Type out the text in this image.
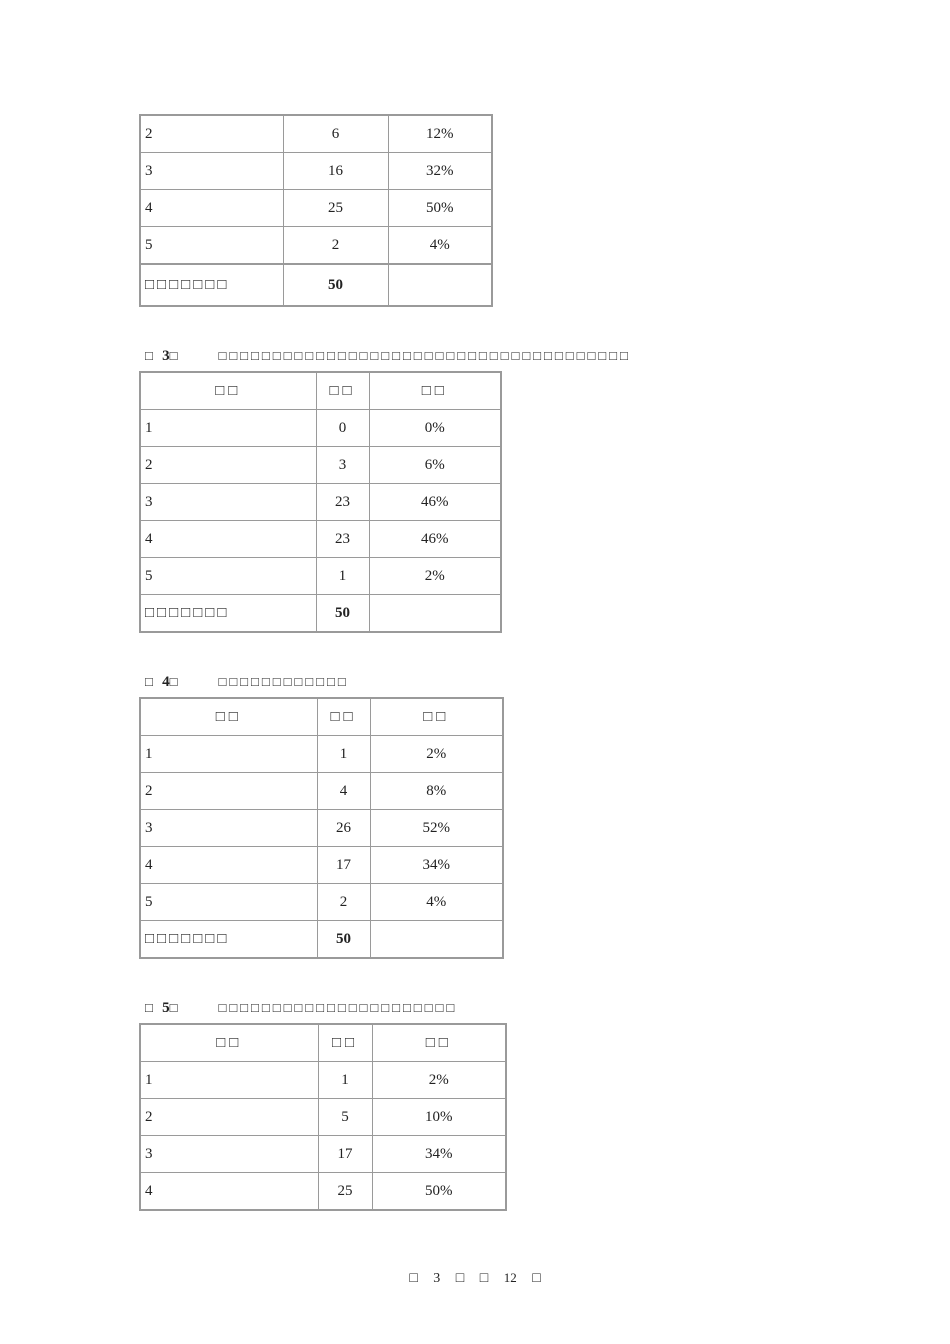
2	6	12%
3	16	32%
4	25	50%
5	2	4%
□□□□□□□	50	
□ 3□	□□□□□□□□□□□□□□□□□□□□□□□□□□□□□□□□□□□□□□
□□	□□	□□
1	0	0%
2	3	6%
3	23	46%
4	23	46%
5	1	2%
□□□□□□□	50	
□ 4□	□□□□□□□□□□□□
□□	□□	□□
1	1	2%
2	4	8%
3	26	52%
4	17	34%
5	2	4%
□□□□□□□	50	
□ 5□	□□□□□□□□□□□□□□□□□□□□□□
□□	□□	□□
1	1	2%
2	5	10%
3	17	34%
4	25	50%
□ 3 □ □ 12 □
